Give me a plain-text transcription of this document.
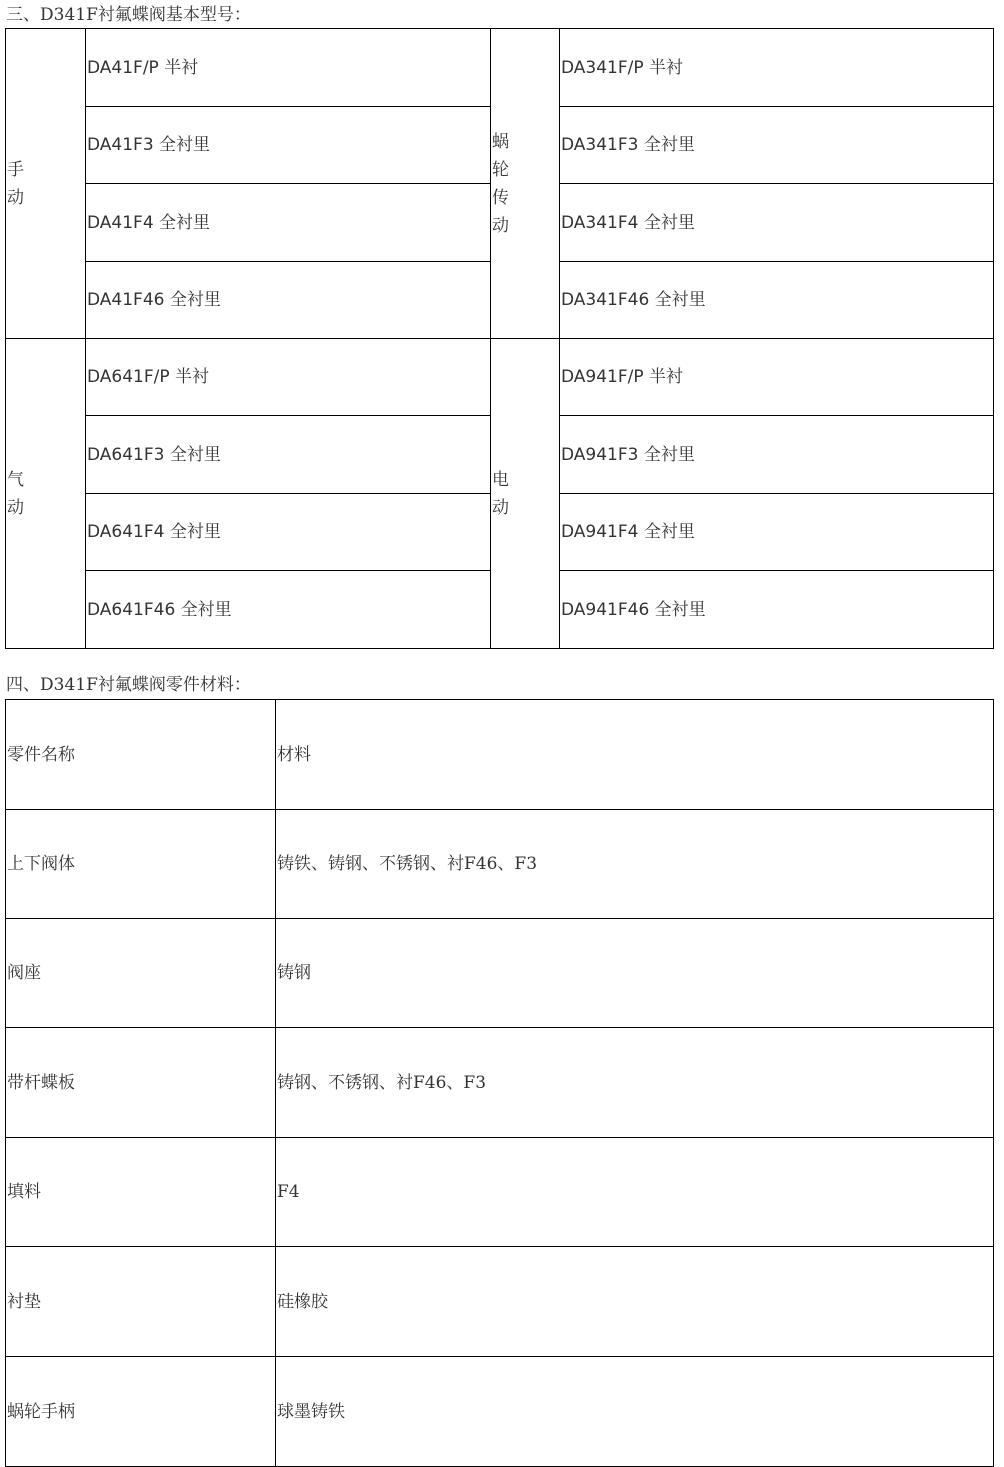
三、D341F衬氟蝶阀基本型号：
手动	DA41F/P 半衬	蜗轮传动	DA341F/P 半衬
	DA41F3 全衬里		DA341F3 全衬里
	DA41F4 全衬里		DA341F4 全衬里
	DA41F46 全衬里		DA341F46 全衬里

气动	DA641F/P 半衬	电动	DA941F/P 半衬
	DA641F3 全衬里		DA941F3 全衬里
	DA641F4 全衬里		DA941F4 全衬里
	DA641F46 全衬里		DA941F46 全衬里
四、D341F衬氟蝶阀零件材料：
零件名称	材料
上下阀体	铸铁、铸钢、不锈钢、衬F46、F3
阀座	铸钢
带杆蝶板	铸钢、不锈钢、衬F46、F3
填料	F4
衬垫	硅橡胶
蜗轮手柄	球墨铸铁
